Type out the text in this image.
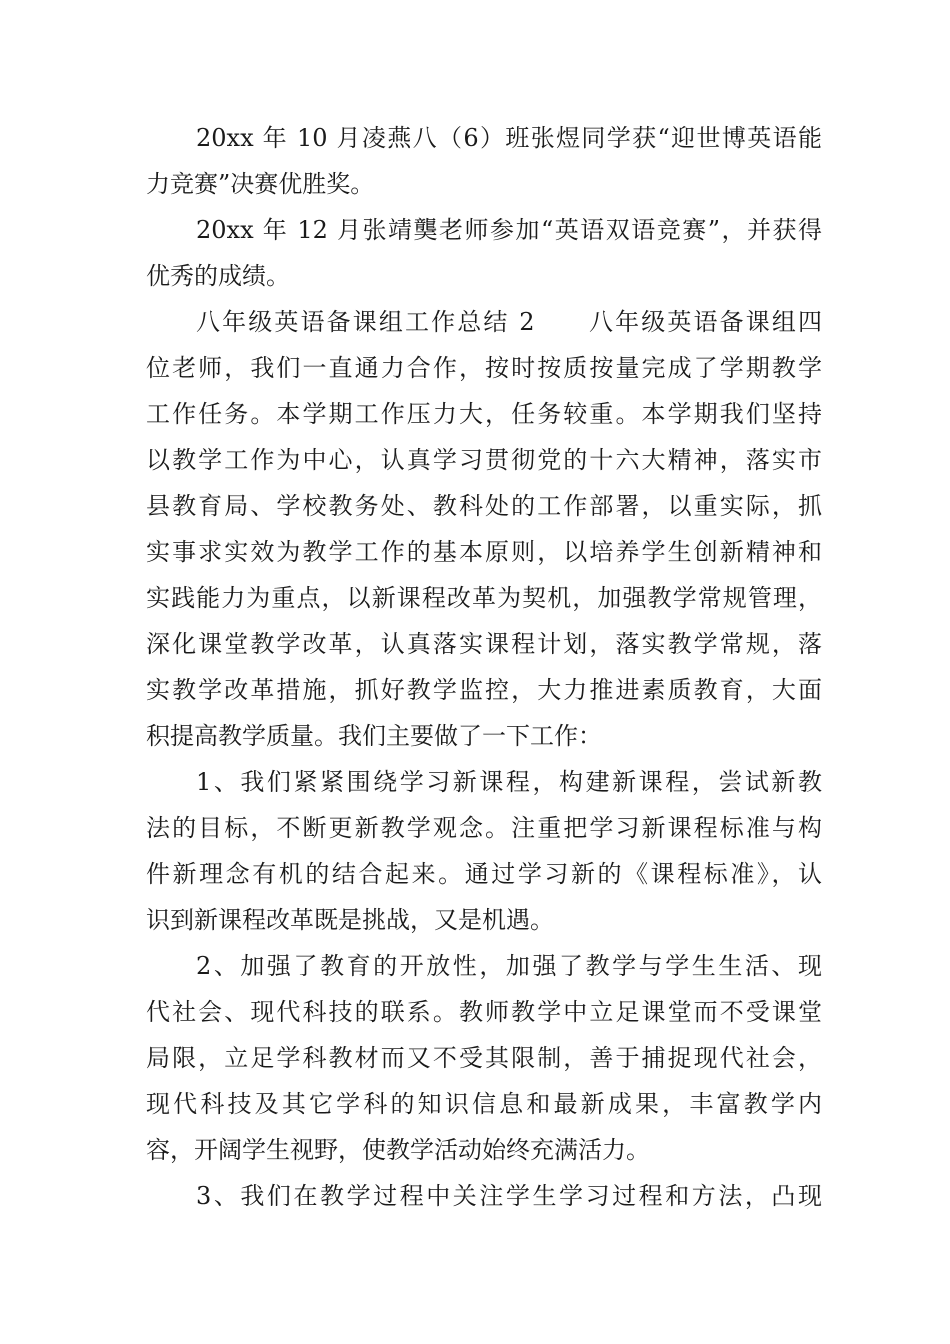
20xx 年 10 月凌燕八（6）班张煜同学获“迎世博英语能
力竞赛”决赛优胜奖。
20xx 年 12 月张靖龑老师参加“英语双语竞赛”，并获得
优秀的成绩。
八年级英语备课组工作总结 2　　八年级英语备课组四
位老师，我们一直通力合作，按时按质按量完成了学期教学
工作任务。本学期工作压力大，任务较重。本学期我们坚持
以教学工作为中心，认真学习贯彻党的十六大精神，落实市
县教育局、学校教务处、教科处的工作部署，以重实际，抓
实事求实效为教学工作的基本原则，以培养学生创新精神和
实践能力为重点，以新课程改革为契机，加强教学常规管理，
深化课堂教学改革，认真落实课程计划，落实教学常规，落
实教学改革措施，抓好教学监控，大力推进素质教育，大面
积提高教学质量。我们主要做了一下工作：
1、我们紧紧围绕学习新课程，构建新课程，尝试新教
法的目标，不断更新教学观念。注重把学习新课程标准与构
件新理念有机的结合起来。通过学习新的《课程标准》，认
识到新课程改革既是挑战，又是机遇。
2、加强了教育的开放性，加强了教学与学生生活、现
代社会、现代科技的联系。教师教学中立足课堂而不受课堂
局限，立足学科教材而又不受其限制，善于捕捉现代社会，
现代科技及其它学科的知识信息和最新成果，丰富教学内
容，开阔学生视野，使教学活动始终充满活力。
3、我们在教学过程中关注学生学习过程和方法，凸现
